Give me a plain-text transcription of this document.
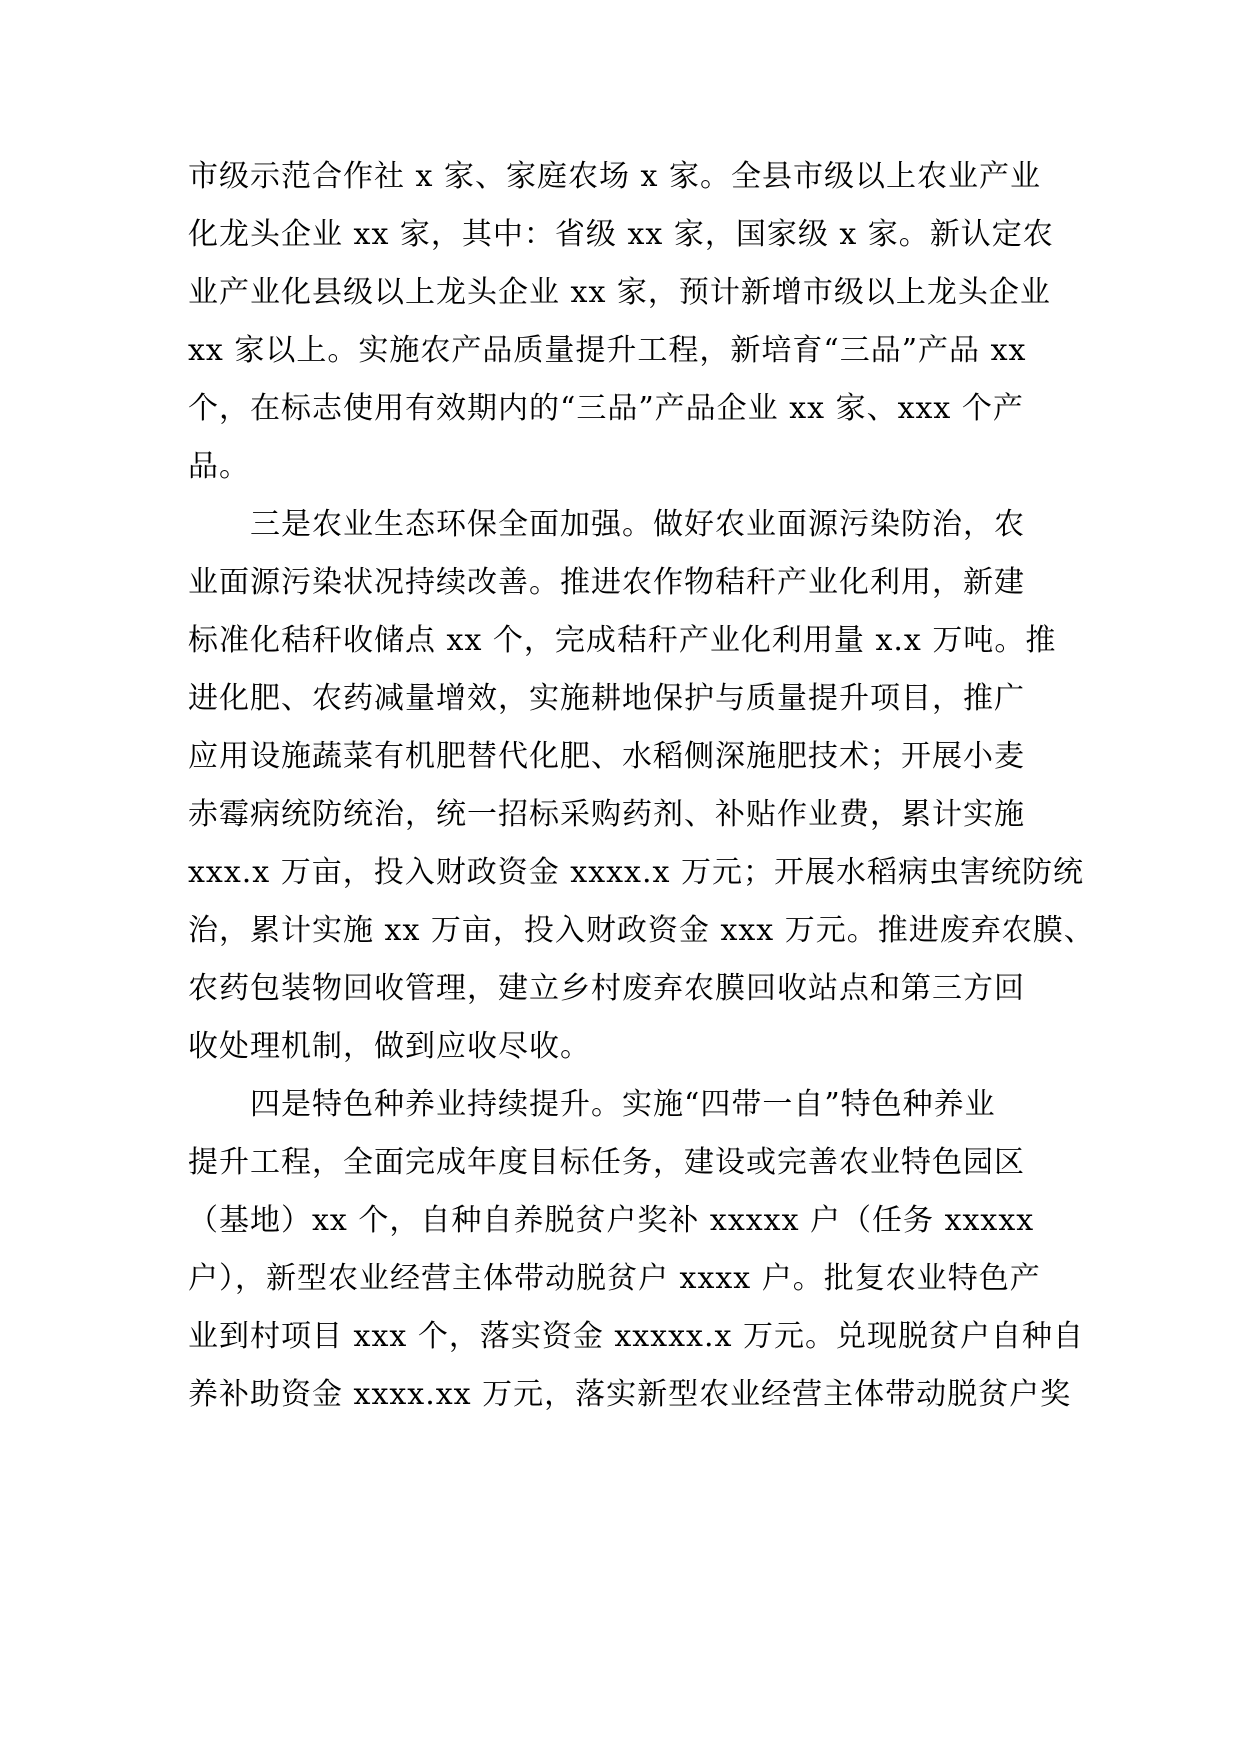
市级示范合作社 x 家、家庭农场 x 家。全县市级以上农业产业
化龙头企业 xx 家，其中：省级 xx 家，国家级 x 家。新认定农
业产业化县级以上龙头企业 xx 家，预计新增市级以上龙头企业
xx 家以上。实施农产品质量提升工程，新培育“三品”产品 xx
个，在标志使用有效期内的“三品”产品企业 xx 家、xxx 个产
品。
三是农业生态环保全面加强。做好农业面源污染防治，农
业面源污染状况持续改善。推进农作物秸秆产业化利用，新建
标准化秸秆收储点 xx 个，完成秸秆产业化利用量 x.x 万吨。推
进化肥、农药减量增效，实施耕地保护与质量提升项目，推广
应用设施蔬菜有机肥替代化肥、水稻侧深施肥技术；开展小麦
赤霉病统防统治，统一招标采购药剂、补贴作业费，累计实施
xxx.x 万亩，投入财政资金 xxxx.x 万元；开展水稻病虫害统防统
治，累计实施 xx 万亩，投入财政资金 xxx 万元。推进废弃农膜、
农药包装物回收管理，建立乡村废弃农膜回收站点和第三方回
收处理机制，做到应收尽收。
四是特色种养业持续提升。实施“四带一自”特色种养业
提升工程，全面完成年度目标任务，建设或完善农业特色园区
（基地）xx 个，自种自养脱贫户奖补 xxxxx 户（任务 xxxxx
户），新型农业经营主体带动脱贫户 xxxx 户。批复农业特色产
业到村项目 xxx 个，落实资金 xxxxx.x 万元。兑现脱贫户自种自
养补助资金 xxxx.xx 万元，落实新型农业经营主体带动脱贫户奖
